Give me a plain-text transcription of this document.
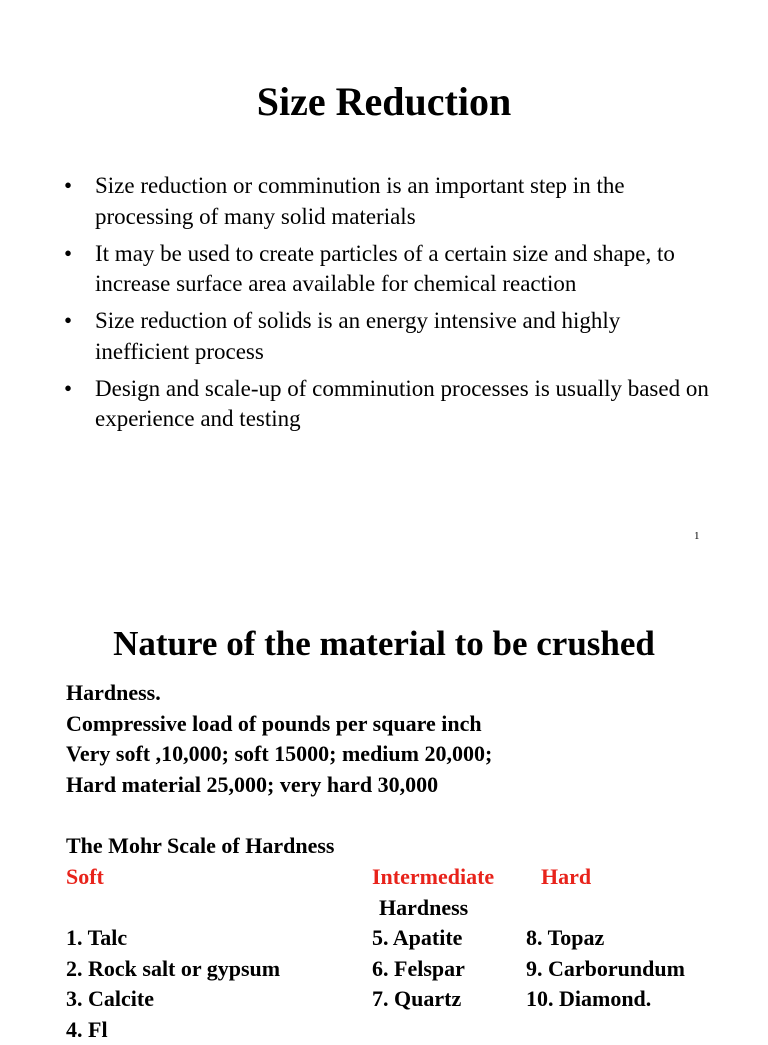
Size Reduction
• Size reduction or comminution is an important step in the processing of many solid materials
• It may be used to create particles of a certain size and shape, to increase surface area available for chemical reaction
• Size reduction of solids is an energy intensive and highly inefficient process
• Design and scale-up of comminution processes is usually based on experience and testing
1
Nature of the material to be crushed
Hardness.
Compressive load of pounds per square inch
Very soft ,10,000; soft 15000; medium 20,000;
Hard material 25,000; very hard 30,000
The Mohr Scale of Hardness
Soft	Intermediate Hard
Hardness
1. Talc
2. Rock salt or gypsum
3. Calcite
4. Fl
5. Apatite
6. Felspar
7. Quartz
8. Topaz
9. Carborundum
10. Diamond.
